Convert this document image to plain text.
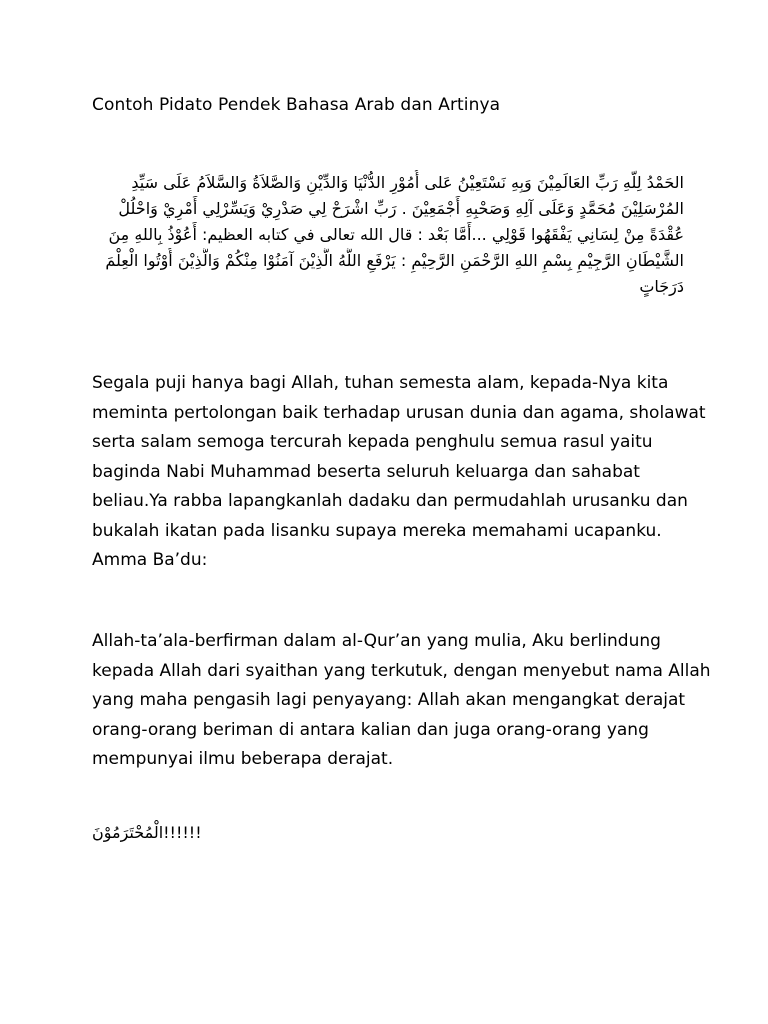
Contoh Pidato Pendek Bahasa Arab dan Artinya
الحَمْدُ لِلّهِ رَبِّ العَالَمِيْنَ وَبِهِ نَسْتَعِيْنُ عَلى أُمُوْرِ الدُّنْيَا وَالدِّيْنِ وَالصَّلاَةُ وَالسَّلاَمُ عَلَى سَيِّدِ
المُرْسَلِيْنَ مُحَمَّدٍ وَعَلَى آلِهِ وَصَحْبِهِ أَجْمَعِيْنَ . رَبِّ اشْرَحْ لِي صَدْرِيْ وَيَسِّرْلِي أَمْرِيْ وَاحْلُلْ
عُقْدَةً مِنْ لِسَانِي يَفْقَهُوا قَوْلِي ...أَمَّا بَعْد : قال الله تعالى في كتابه العظيم: أَعُوْذُ بِاللهِ مِنَ
الشَّيْطَانِ الرَّجِيْمِ بِسْمِ اللهِ الرَّحْمَنِ الرَّحِيْمِ : يَرْفَعِ اللَّهُ الَّذِيْنَ آمَنُوْا مِنْكُمْ وَالَّذِيْنَ أُوْتُوا الْعِلْمَ
دَرَجَاتٍ
Segala puji hanya bagi Allah, tuhan semesta alam, kepada-Nya kita
meminta pertolongan baik terhadap urusan dunia dan agama, sholawat
serta salam semoga tercurah kepada penghulu semua rasul yaitu
baginda Nabi Muhammad beserta seluruh keluarga dan sahabat
beliau.Ya rabba lapangkanlah dadaku dan permudahlah urusanku dan
bukalah ikatan pada lisanku supaya mereka memahami ucapanku.
Amma Ba’du:
Allah-ta’ala-berfirman dalam al-Qur’an yang mulia, Aku berlindung
kepada Allah dari syaithan yang terkutuk, dengan menyebut nama Allah
yang maha pengasih lagi penyayang: Allah akan mengangkat derajat
orang-orang beriman di antara kalian dan juga orang-orang yang
mempunyai ilmu beberapa derajat.
!!!!!!الْمُحْتَرَمُوْنَ
